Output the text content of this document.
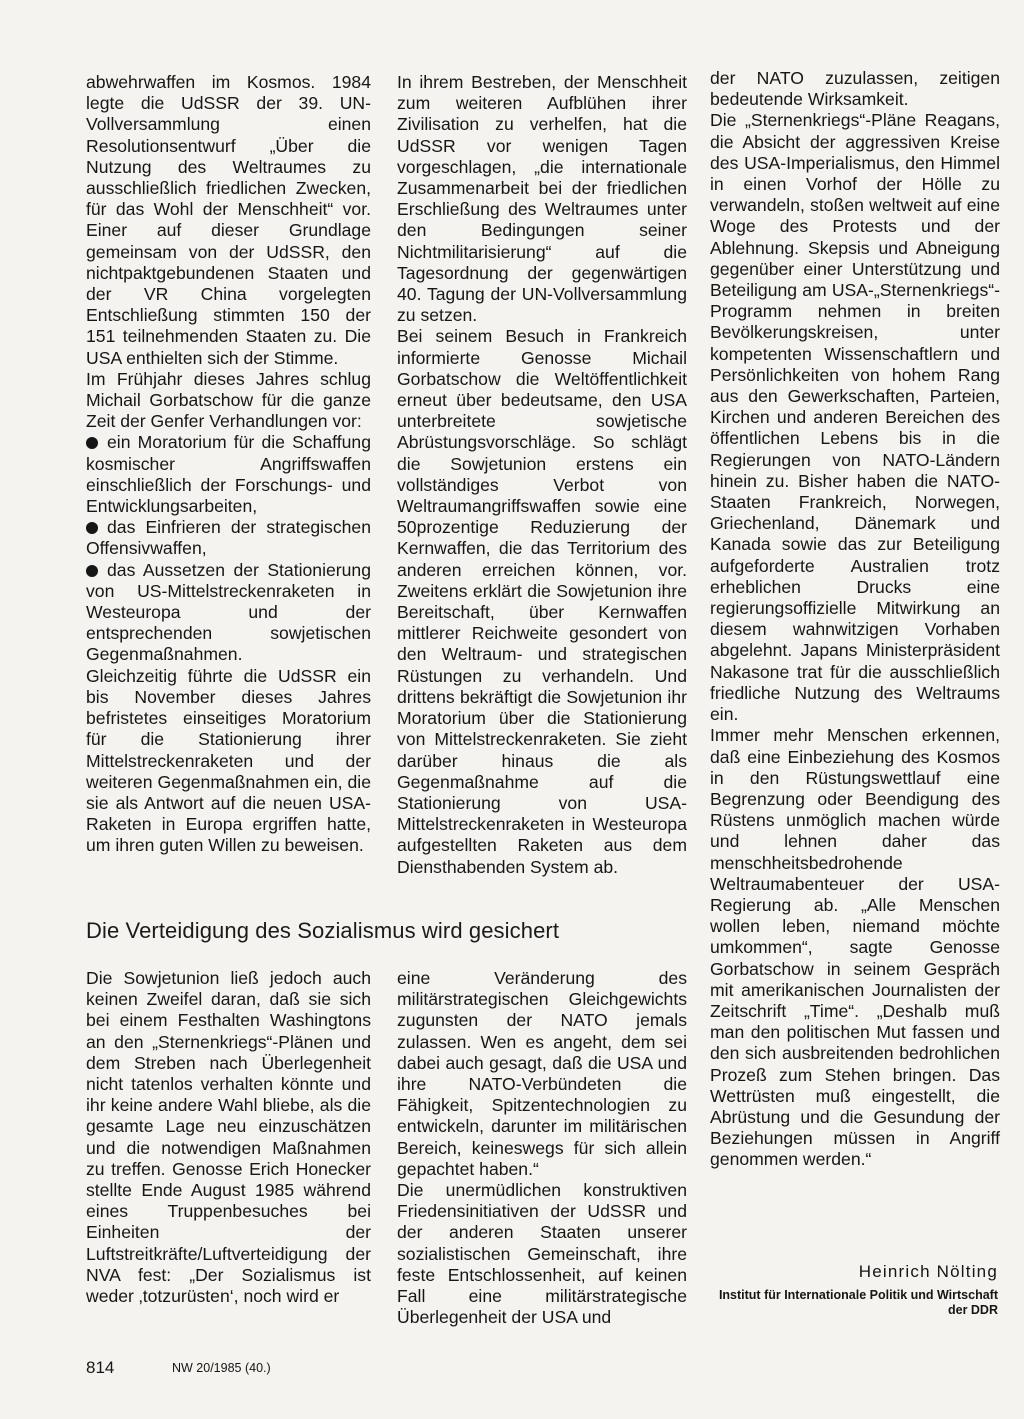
abwehrwaffen im Kosmos. 1984 legte die UdSSR der 39. UN-Vollversammlung einen Resolutionsentwurf „Über die Nutzung des Weltraumes zu ausschließlich friedlichen Zwecken, für das Wohl der Menschheit“ vor. Einer auf dieser Grundlage gemeinsam von der UdSSR, den nichtpaktgebundenen Staaten und der VR China vorgelegten Entschließung stimmten 150 der 151 teilnehmenden Staaten zu. Die USA enthielten sich der Stimme.

Im Frühjahr dieses Jahres schlug Michail Gorbatschow für die ganze Zeit der Genfer Verhandlungen vor:

ein Moratorium für die Schaffung kosmischer Angriffswaffen einschließlich der Forschungs- und Entwicklungsarbeiten,

das Einfrieren der strategischen Offensivwaffen,

das Aussetzen der Stationierung von US-Mittelstreckenraketen in Westeuropa und der entsprechenden sowjetischen Gegenmaßnahmen.

Gleichzeitig führte die UdSSR ein bis November dieses Jahres befristetes einseitiges Moratorium für die Stationierung ihrer Mittelstreckenraketen und der weiteren Gegenmaßnahmen ein, die sie als Antwort auf die neuen USA-Raketen in Europa ergriffen hatte, um ihren guten Willen zu beweisen.

In ihrem Bestreben, der Menschheit zum weiteren Aufblühen ihrer Zivilisation zu verhelfen, hat die UdSSR vor wenigen Tagen vorgeschlagen, „die internationale Zusammenarbeit bei der friedlichen Erschließung des Weltraumes unter den Bedingungen seiner Nichtmilitarisierung“ auf die Tagesordnung der gegenwärtigen 40. Tagung der UN-Vollversammlung zu setzen.

Bei seinem Besuch in Frankreich informierte Genosse Michail Gorbatschow die Weltöffentlichkeit erneut über bedeutsame, den USA unterbreitete sowjetische Abrüstungsvorschläge. So schlägt die Sowjetunion erstens ein vollständiges Verbot von Weltraumangriffswaffen sowie eine 50prozentige Reduzierung der Kernwaffen, die das Territorium des anderen erreichen können, vor. Zweitens erklärt die Sowjetunion ihre Bereitschaft, über Kernwaffen mittlerer Reichweite gesondert von den Weltraum- und strategischen Rüstungen zu verhandeln. Und drittens bekräftigt die Sowjetunion ihr Moratorium über die Stationierung von Mittelstreckenraketen. Sie zieht darüber hinaus die als Gegenmaßnahme auf die Stationierung von USA-Mittelstreckenraketen in Westeuropa aufgestellten Raketen aus dem Diensthabenden System ab.

der NATO zuzulassen, zeitigen bedeutende Wirksamkeit.

Die „Sternenkriegs“-Pläne Reagans, die Absicht der aggressiven Kreise des USA-Imperialismus, den Himmel in einen Vorhof der Hölle zu verwandeln, stoßen weltweit auf eine Woge des Protests und der Ablehnung. Skepsis und Abneigung gegenüber einer Unterstützung und Beteiligung am USA-„Sternenkriegs“-Programm nehmen in breiten Bevölkerungskreisen, unter kompetenten Wissenschaftlern und Persönlichkeiten von hohem Rang aus den Gewerkschaften, Parteien, Kirchen und anderen Bereichen des öffentlichen Lebens bis in die Regierungen von NATO-Ländern hinein zu. Bisher haben die NATO-Staaten Frankreich, Norwegen, Griechenland, Dänemark und Kanada sowie das zur Beteiligung aufgeforderte Australien trotz erheblichen Drucks eine regierungsoffizielle Mitwirkung an diesem wahnwitzigen Vorhaben abgelehnt. Japans Ministerpräsident Nakasone trat für die ausschließlich friedliche Nutzung des Weltraums ein.

Immer mehr Menschen erkennen, daß eine Einbeziehung des Kosmos in den Rüstungswettlauf eine Begrenzung oder Beendigung des Rüstens unmöglich machen würde und lehnen daher das menschheitsbedrohende Weltraumabenteuer der USA-Regierung ab. „Alle Menschen wollen leben, niemand möchte umkommen“, sagte Genosse Gorbatschow in seinem Gespräch mit amerikanischen Journalisten der Zeitschrift „Time“. „Deshalb muß man den politischen Mut fassen und den sich ausbreitenden bedrohlichen Prozeß zum Stehen bringen. Das Wettrüsten muß eingestellt, die Abrüstung und die Gesundung der Beziehungen müssen in Angriff genommen werden.“

Die Verteidigung des Sozialismus wird gesichert

Die Sowjetunion ließ jedoch auch keinen Zweifel daran, daß sie sich bei einem Festhalten Washingtons an den „Sternenkriegs“-Plänen und dem Streben nach Überlegenheit nicht tatenlos verhalten könnte und ihr keine andere Wahl bliebe, als die gesamte Lage neu einzuschätzen und die notwendigen Maßnahmen zu treffen. Genosse Erich Honecker stellte Ende August 1985 während eines Truppenbesuches bei Einheiten der Luftstreitkräfte/Luftverteidigung der NVA fest: „Der Sozialismus ist weder ‚totzurüsten‘, noch wird er

eine Veränderung des militärstrategischen Gleichgewichts zugunsten der NATO jemals zulassen. Wen es angeht, dem sei dabei auch gesagt, daß die USA und ihre NATO-Verbündeten die Fähigkeit, Spitzentechnologien zu entwickeln, darunter im militärischen Bereich, keineswegs für sich allein gepachtet haben.“

Die unermüdlichen konstruktiven Friedensinitiativen der UdSSR und der anderen Staaten unserer sozialistischen Gemeinschaft, ihre feste Entschlossenheit, auf keinen Fall eine militärstrategische Überlegenheit der USA und

Heinrich Nölting
Institut für Internationale Politik und Wirtschaft der DDR
814	NW 20/1985 (40.)
